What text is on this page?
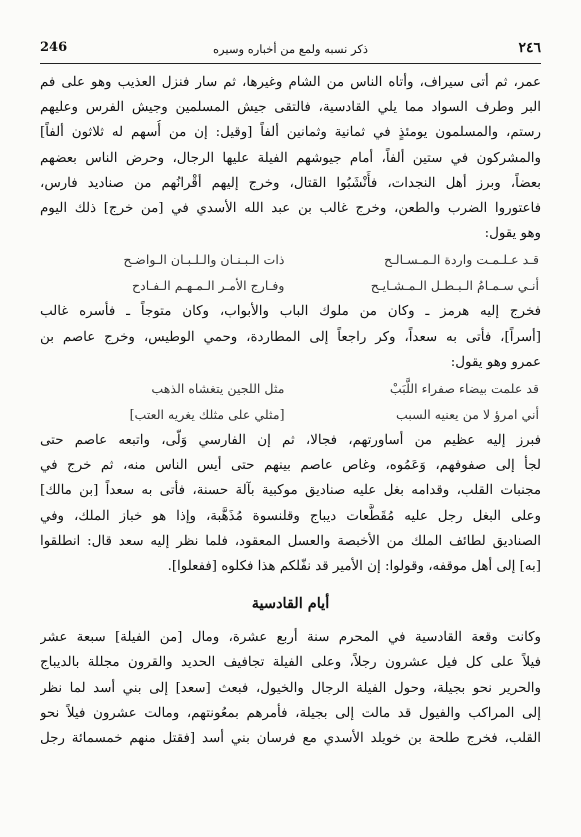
246	ذكر نسبه ولمع من أخباره وسيره	٢٤٦
عمر، ثم أتى سيراف، وأتاه الناس من الشام وغيرها، ثم سار فنزل العذيب وهو على فم
البر وطرف السواد مما يلي القادسية، فالتقى جيش المسلمين وجيش الفرس وعليهم
رستم، والمسلمون يومئذٍ في ثمانية وثمانين ألفاً [وقيل: إن من أُسهم له ثلاثون ألفاً]
والمشركون في ستين ألفاً، أمام جيوشهم الفيلة عليها الرجال، وحرض الناس بعضهم
بعضاً، وبرز أهل النجدات، فأَنْشَبُوا القتال، وخرج إليهم أقْرانُهم من صناديد فارس،
فاعتوروا الضرب والطعن، وخرج غالب بن عبد الله الأسدي في [من خرج] ذلك اليوم
وهو يقول:
قـد عـلـمـت واردة الـمـسـالـح
ذات الـبـنـان والـلـبـان الـواضـح
أنـي سـمـامُ الـبـطـل الـمـشـايـح
وفـارج الأمـر الـمـهـم الـفـادح
فخرج إليه هرمز ـ وكان من ملوك الباب والأبواب، وكان متوجاً ـ فأسره غالب
[أسراً]، فأتى به سعداً، وكر راجعاً إلى المطاردة، وحمي الوطيس، وخرج عاصم بن
عمرو وهو يقول:
قد علمت بيضاء صفراء اللَّبَبْ
مثل اللجين يتغشاه الذهب
أني امرؤ لا من يعنيه السبب
[مثلي على مثلك يغريه العتب]
فبرز إليه عظيم من أساورتهم، فجالا، ثم إن الفارسي وَلّى، واتبعه عاصم حتى
لجأ إلى صفوفهم، وَعَمُوه، وغاص عاصم بينهم حتى أيس الناس منه، ثم خرج في
مجنبات القلب، وقدامه بغل عليه صناديق موكبية بآلة حسنة، فأتى به سعداً [بن مالك]
وعلى البغل رجل عليه مُقَطَّعات ديباج وقلنسوة مُذَهَّبة، وإذا هو خباز الملك، وفي
الصناديق لطائف الملك من الأخبصة والعسل المعقود، فلما نظر إليه سعد قال: انطلقوا
[به] إلى أهل موقفه، وقولوا: إن الأمير قد نفّلكم هذا فكلوه [ففعلوا].
أيام القادسية
وكانت وقعة القادسية في المحرم سنة أربع عشرة، ومال [من الفيلة] سبعة عشر
فيلاً على كل فيل عشرون رجلاً، وعلى الفيلة تجافيف الحديد والقرون مجللة بالديباج
والحرير نحو بجيلة، وحول الفيلة الرجال والخيول، فبعث [سعد] إلى بني أسد لما نظر
إلى المراكب والفيول قد مالت إلى بجيلة، فأمرهم بمعُونتهم، ومالت عشرون فيلاً نحو
القلب، فخرج طلحة بن خويلد الأسدي مع فرسان بني أسد [فقتل منهم خمسمائة رجل
